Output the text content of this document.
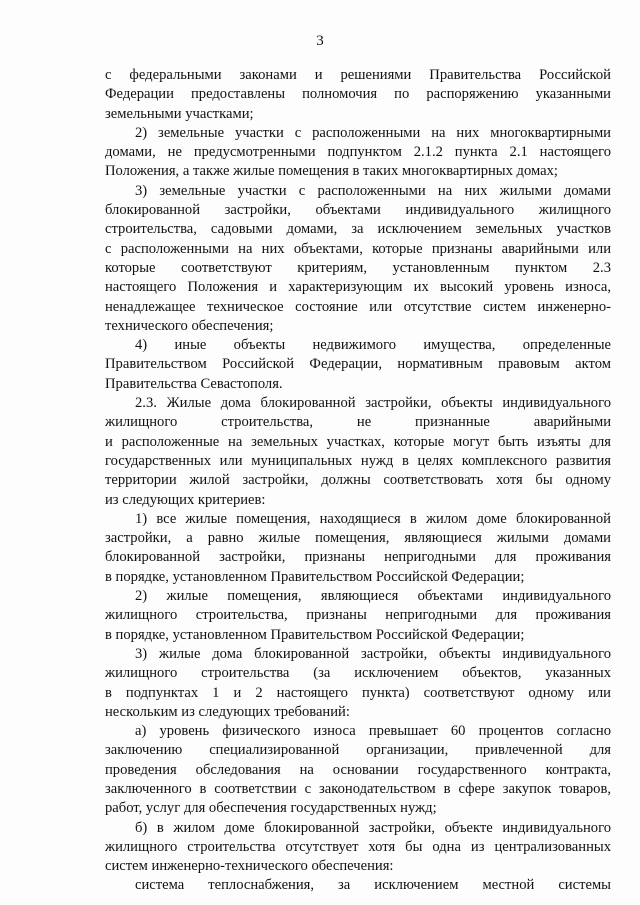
3
с федеральными законами и решениями Правительства Российской
Федерации предоставлены полномочия по распоряжению указанными
земельными участками;
2) земельные участки с расположенными на них многоквартирными
домами, не предусмотренными подпунктом 2.1.2 пункта 2.1 настоящего
Положения, а также жилые помещения в таких многоквартирных домах;
3) земельные участки с расположенными на них жилыми домами
блокированной застройки, объектами индивидуального жилищного
строительства, садовыми домами, за исключением земельных участков
с расположенными на них объектами, которые признаны аварийными или
которые соответствуют критериям, установленным пунктом 2.3
настоящего Положения и характеризующим их высокий уровень износа,
ненадлежащее техническое состояние или отсутствие систем инженерно-
технического обеспечения;
4) иные объекты недвижимого имущества, определенные
Правительством Российской Федерации, нормативным правовым актом
Правительства Севастополя.
2.3. Жилые дома блокированной застройки, объекты индивидуального
жилищного строительства, не признанные аварийными
и расположенные на земельных участках, которые могут быть изъяты для
государственных или муниципальных нужд в целях комплексного развития
территории жилой застройки, должны соответствовать хотя бы одному
из следующих критериев:
1) все жилые помещения, находящиеся в жилом доме блокированной
застройки, а равно жилые помещения, являющиеся жилыми домами
блокированной застройки, признаны непригодными для проживания
в порядке, установленном Правительством Российской Федерации;
2) жилые помещения, являющиеся объектами индивидуального
жилищного строительства, признаны непригодными для проживания
в порядке, установленном Правительством Российской Федерации;
3) жилые дома блокированной застройки, объекты индивидуального
жилищного строительства (за исключением объектов, указанных
в подпунктах 1 и 2 настоящего пункта) соответствуют одному или
нескольким из следующих требований:
а) уровень физического износа превышает 60 процентов согласно
заключению специализированной организации, привлеченной для
проведения обследования на основании государственного контракта,
заключенного в соответствии с законодательством в сфере закупок товаров,
работ, услуг для обеспечения государственных нужд;
б) в жилом доме блокированной застройки, объекте индивидуального
жилищного строительства отсутствует хотя бы одна из централизованных
систем инженерно-технического обеспечения:
система теплоснабжения, за исключением местной системы
